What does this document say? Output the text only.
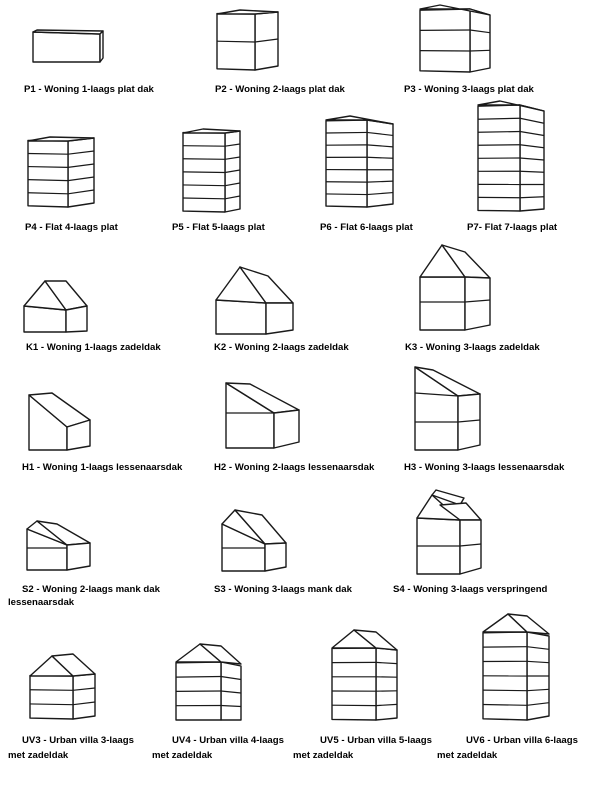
P1 - Woning 1-laags plat dak	P2 - Woning 2-laags plat dak	P3 - Woning 3-laags plat dak
P4 - Flat 4-laags plat	P5 - Flat 5-laags plat	P6 - Flat 6-laags plat	P7- Flat 7-laags plat
K1 - Woning 1-laags zadeldak	K2 - Woning 2-laags zadeldak	K3 - Woning 3-laags zadeldak
H1 - Woning 1-laags lessenaarsdak	H2 - Woning 2-laags lessenaarsdak	H3 - Woning 3-laags lessenaarsdak
S2 - Woning 2-laags mank dak
lessenaarsdak
S3 - Woning 3-laags mank dak	S4 - Woning 3-laags verspringend
UV3 - Urban villa 3-laags
met zadeldak
UV4 - Urban villa 4-laags
met zadeldak
UV5 - Urban villa 5-laags
met zadeldak
UV6 - Urban villa 6-laags
met zadeldak
